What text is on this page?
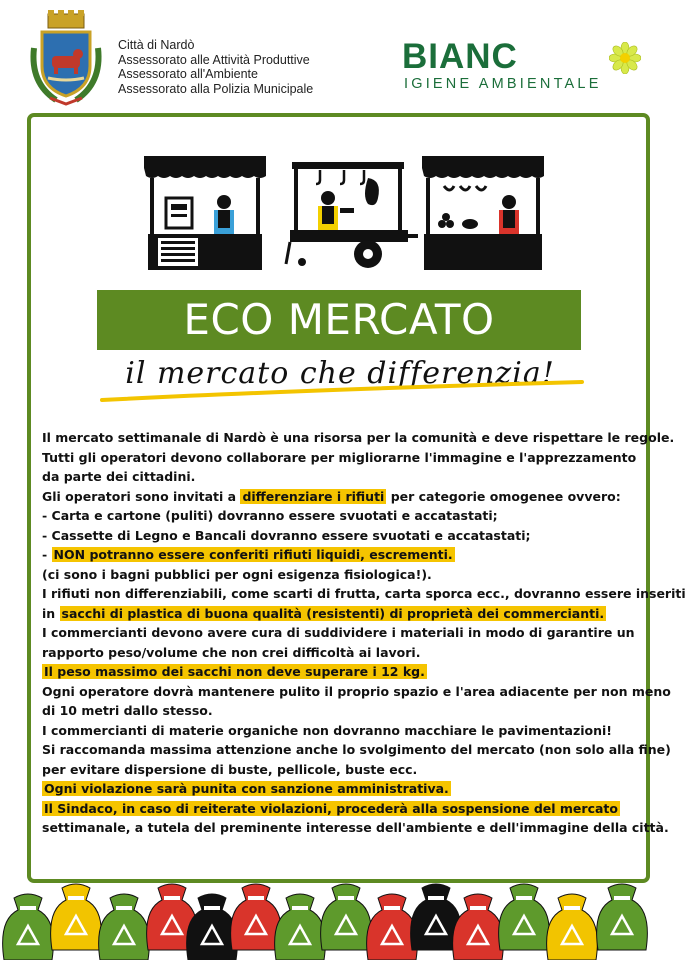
Città di Nardò
Assessorato alle Attività Produttive
Assessorato all'Ambiente
Assessorato alla Polizia Municipale
BIANC
IGIENE AMBIENTALE
ECO MERCATO
il mercato che differenzia!

Il mercato settimanale di Nardò è una risorsa per la comunità e deve rispettare le regole.

Tutti gli operatori devono collaborare per migliorarne l'immagine e l'apprezzamento

da parte dei cittadini.

Gli operatori sono invitati a differenziare i rifiuti per categorie omogenee ovvero:

- Carta e cartone (puliti) dovranno essere svuotati e accatastati;

- Cassette di Legno e Bancali dovranno essere svuotati e accatastati;

- NON potranno essere conferiti rifiuti liquidi, escrementi.

(ci sono i bagni pubblici per ogni esigenza fisiologica!).

I rifiuti non differenziabili, come scarti di frutta, carta sporca ecc., dovranno essere inseriti

in sacchi di plastica di buona qualità (resistenti) di proprietà dei commercianti.

I commercianti devono avere cura di suddividere i materiali in modo di garantire un

rapporto peso/volume che non crei difficoltà ai lavori.

Il peso massimo dei sacchi non deve superare i 12 kg.

Ogni operatore dovrà mantenere pulito il proprio spazio e l'area adiacente per non meno

di 10 metri dallo stesso.

I commercianti di materie organiche non dovranno macchiare le pavimentazioni!

Si raccomanda massima attenzione anche lo svolgimento del mercato (non solo alla fine)

per evitare dispersione di buste, pellicole, buste ecc.

Ogni violazione sarà punita con sanzione amministrativa.

Il Sindaco, in caso di reiterate violazioni, procederà alla sospensione del mercato

settimanale, a tutela del preminente interesse dell'ambiente e dell'immagine della città.
